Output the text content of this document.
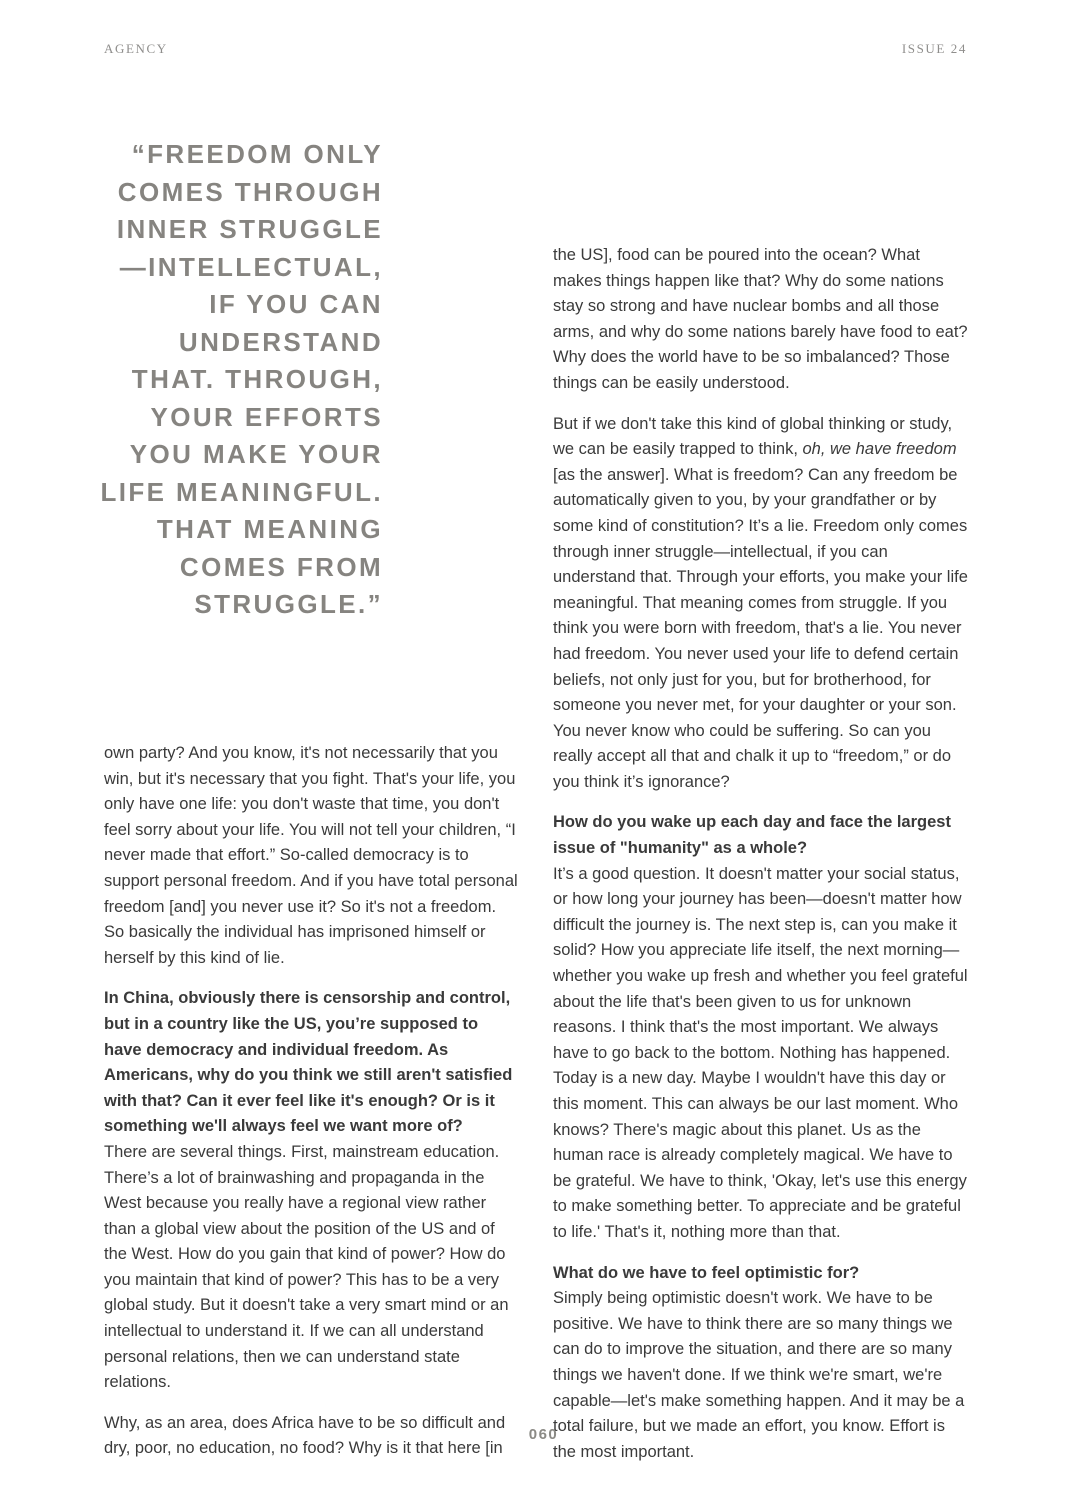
AGENCY	ISSUE 24
“FREEDOM ONLY
COMES THROUGH
INNER STRUGGLE
—INTELLECTUAL,
IF YOU CAN
UNDERSTAND
THAT. THROUGH,
YOUR EFFORTS
YOU MAKE YOUR
LIFE MEANINGFUL.
THAT MEANING
COMES FROM
STRUGGLE.”

own party? And you know, it's not necessarily that you win, but it's necessary that you fight. That's your life, you only have one life: you don't waste that time, you don't feel sorry about your life. You will not tell your children, “I never made that effort.” So-called democracy is to support personal freedom. And if you have total personal freedom [and] you never use it? So it's not a freedom. So basically the individual has imprisoned himself or herself by this kind of lie.

In China, obviously there is censorship and control, but in a country like the US, you’re supposed to have democracy and individual freedom. As Americans, why do you think we still aren't satisfied with that? Can it ever feel like it's enough? Or is it something we'll always feel we want more of?

There are several things. First, mainstream education. There’s a lot of brainwashing and propaganda in the West because you really have a regional view rather than a global view about the position of the US and of the West. How do you gain that kind of power? How do you maintain that kind of power? This has to be a very global study. But it doesn't take a very smart mind or an intellectual to understand it. If we can all understand personal relations, then we can understand state relations.

Why, as an area, does Africa have to be so difficult and dry, poor, no education, no food? Why is it that here [in

the US], food can be poured into the ocean? What makes things happen like that? Why do some nations stay so strong and have nuclear bombs and all those arms, and why do some nations barely have food to eat? Why does the world have to be so imbalanced? Those things can be easily understood.

But if we don't take this kind of global thinking or study, we can be easily trapped to think, oh, we have freedom [as the answer]. What is freedom? Can any freedom be automatically given to you, by your grandfather or by some kind of constitution? It’s a lie. Freedom only comes through inner struggle—intellectual, if you can understand that. Through your efforts, you make your life meaningful. That meaning comes from struggle. If you think you were born with freedom, that's a lie. You never had freedom. You never used your life to defend certain beliefs, not only just for you, but for brotherhood, for someone you never met, for your daughter or your son. You never know who could be suffering. So can you really accept all that and chalk it up to “freedom,” or do you think it’s ignorance?

How do you wake up each day and face the largest issue of "humanity" as a whole?

It’s a good question. It doesn't matter your social status, or how long your journey has been—doesn't matter how difficult the journey is. The next step is, can you make it solid? How you appreciate life itself, the next morning—whether you wake up fresh and whether you feel grateful about the life that's been given to us for unknown reasons. I think that's the most important. We always have to go back to the bottom. Nothing has happened. Today is a new day. Maybe I wouldn't have this day or this moment. This can always be our last moment. Who knows? There's magic about this planet. Us as the human race is already completely magical. We have to be grateful. We have to think, 'Okay, let's use this energy to make something better. To appreciate and be grateful to life.' That's it, nothing more than that.

What do we have to feel optimistic for?

Simply being optimistic doesn't work. We have to be positive. We have to think there are so many things we can do to improve the situation, and there are so many things we haven't done. If we think we're smart, we're capable—let's make something happen. And it may be a total failure, but we made an effort, you know. Effort is the most important.

060
